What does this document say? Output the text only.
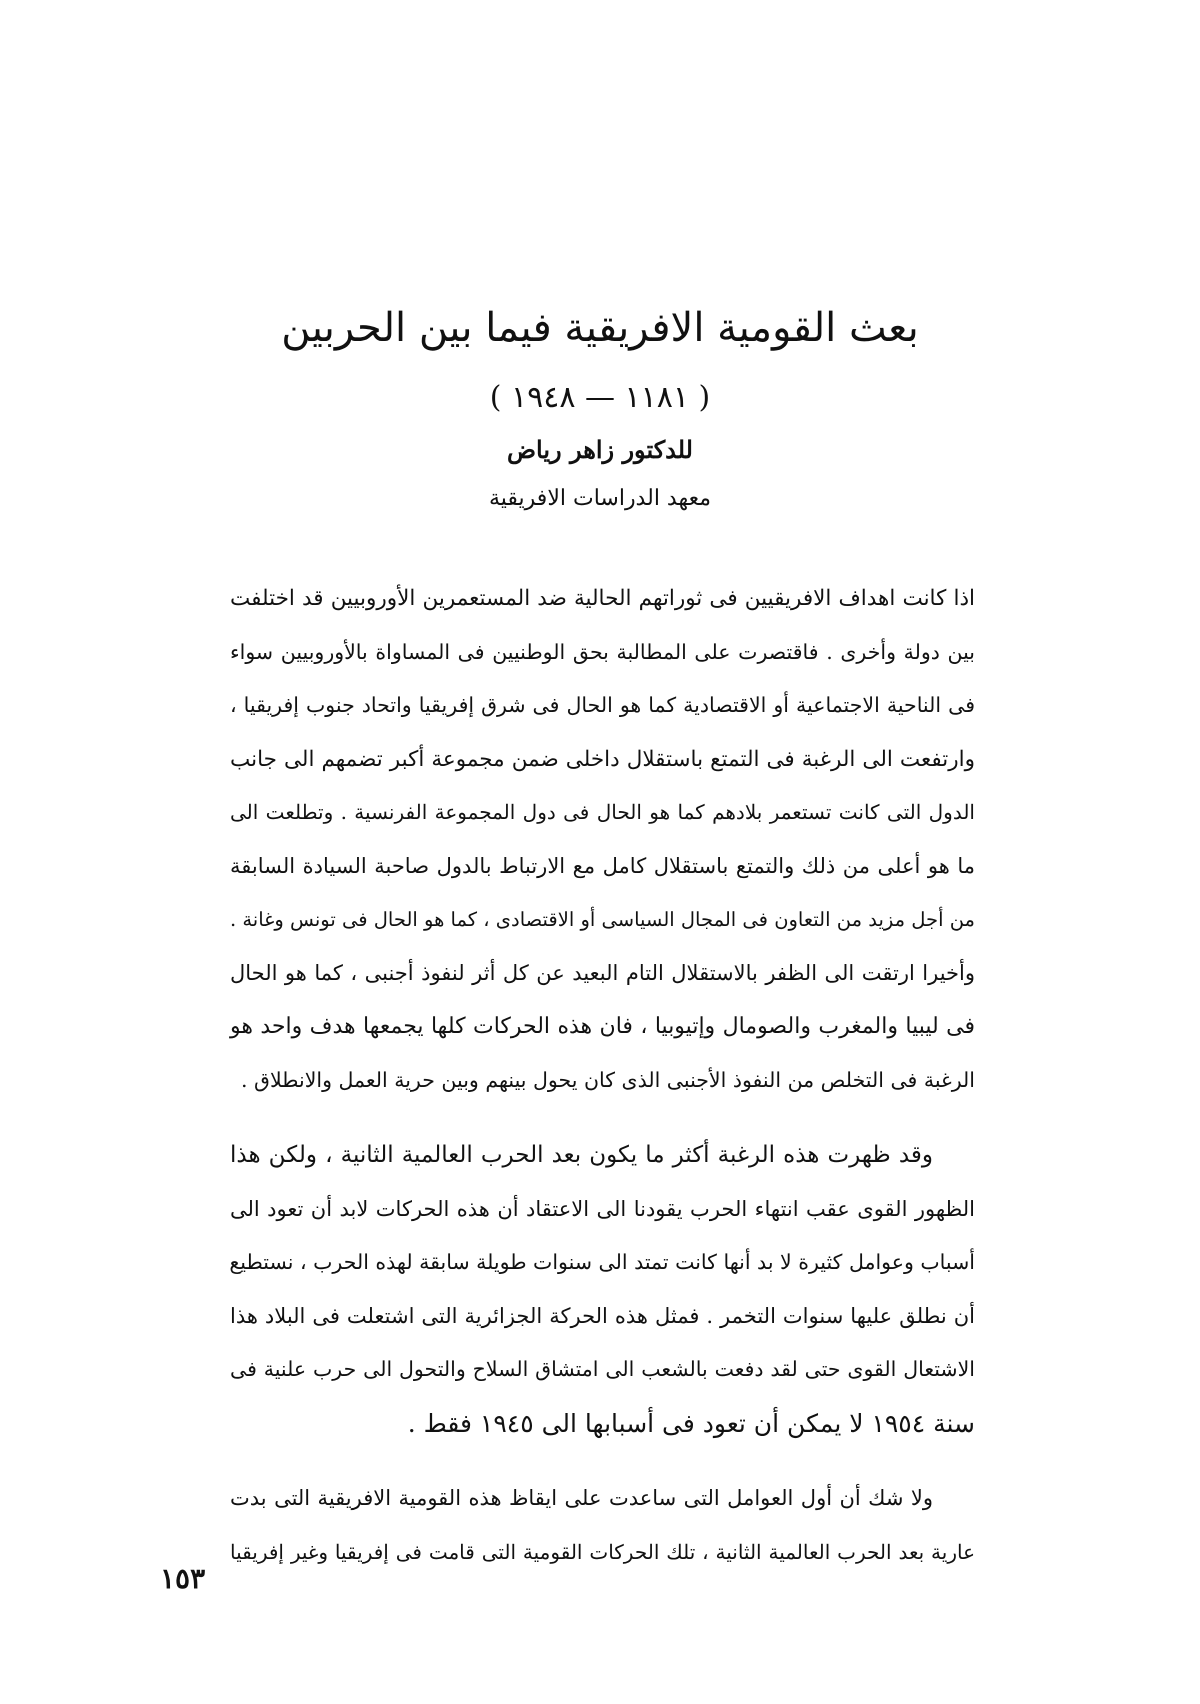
بعث القومية الافريقية فيما بين الحربين
( ١١٨١ — ١٩٤٨ )
للدكتور زاهر رياض
معهد الدراسات الافريقية

اذا كانت اهداف الافريقيين فى ثوراتهم الحالية ضد المستعمرين الأوروبيين قد اختلفت
بين دولة وأخرى . فاقتصرت على المطالبة بحق الوطنيين فى المساواة بالأوروبيين سواء
فى الناحية الاجتماعية أو الاقتصادية كما هو الحال فى شرق إفريقيا واتحاد جنوب إفريقيا ،
وارتفعت الى الرغبة فى التمتع باستقلال داخلى ضمن مجموعة أكبر تضمهم الى جانب
الدول التى كانت تستعمر بلادهم كما هو الحال فى دول المجموعة الفرنسية . وتطلعت الى
ما هو أعلى من ذلك والتمتع باستقلال كامل مع الارتباط بالدول صاحبة السيادة السابقة
من أجل مزيد من التعاون فى المجال السياسى أو الاقتصادى ، كما هو الحال فى تونس وغانة .
وأخيرا ارتقت الى الظفر بالاستقلال التام البعيد عن كل أثر لنفوذ أجنبى ، كما هو الحال
فى ليبيا والمغرب والصومال وإتيوبيا ، فان هذه الحركات كلها يجمعها هدف واحد هو
الرغبة فى التخلص من النفوذ الأجنبى الذى كان يحول بينهم وبين حرية العمل والانطلاق .

وقد ظهرت هذه الرغبة أكثر ما يكون بعد الحرب العالمية الثانية ، ولكن هذا
الظهور القوى عقب انتهاء الحرب يقودنا الى الاعتقاد أن هذه الحركات لابد أن تعود الى
أسباب وعوامل كثيرة لا بد أنها كانت تمتد الى سنوات طويلة سابقة لهذه الحرب ، نستطيع
أن نطلق عليها سنوات التخمر . فمثل هذه الحركة الجزائرية التى اشتعلت فى البلاد هذا
الاشتعال القوى حتى لقد دفعت بالشعب الى امتشاق السلاح والتحول الى حرب علنية فى
سنة ١٩٥٤ لا يمكن أن تعود فى أسبابها الى ١٩٤٥ فقط .

ولا شك أن أول العوامل التى ساعدت على ايقاظ هذه القومية الافريقية التى بدت
عارية بعد الحرب العالمية الثانية ، تلك الحركات القومية التى قامت فى إفريقيا وغير إفريقيا

١٥٣
